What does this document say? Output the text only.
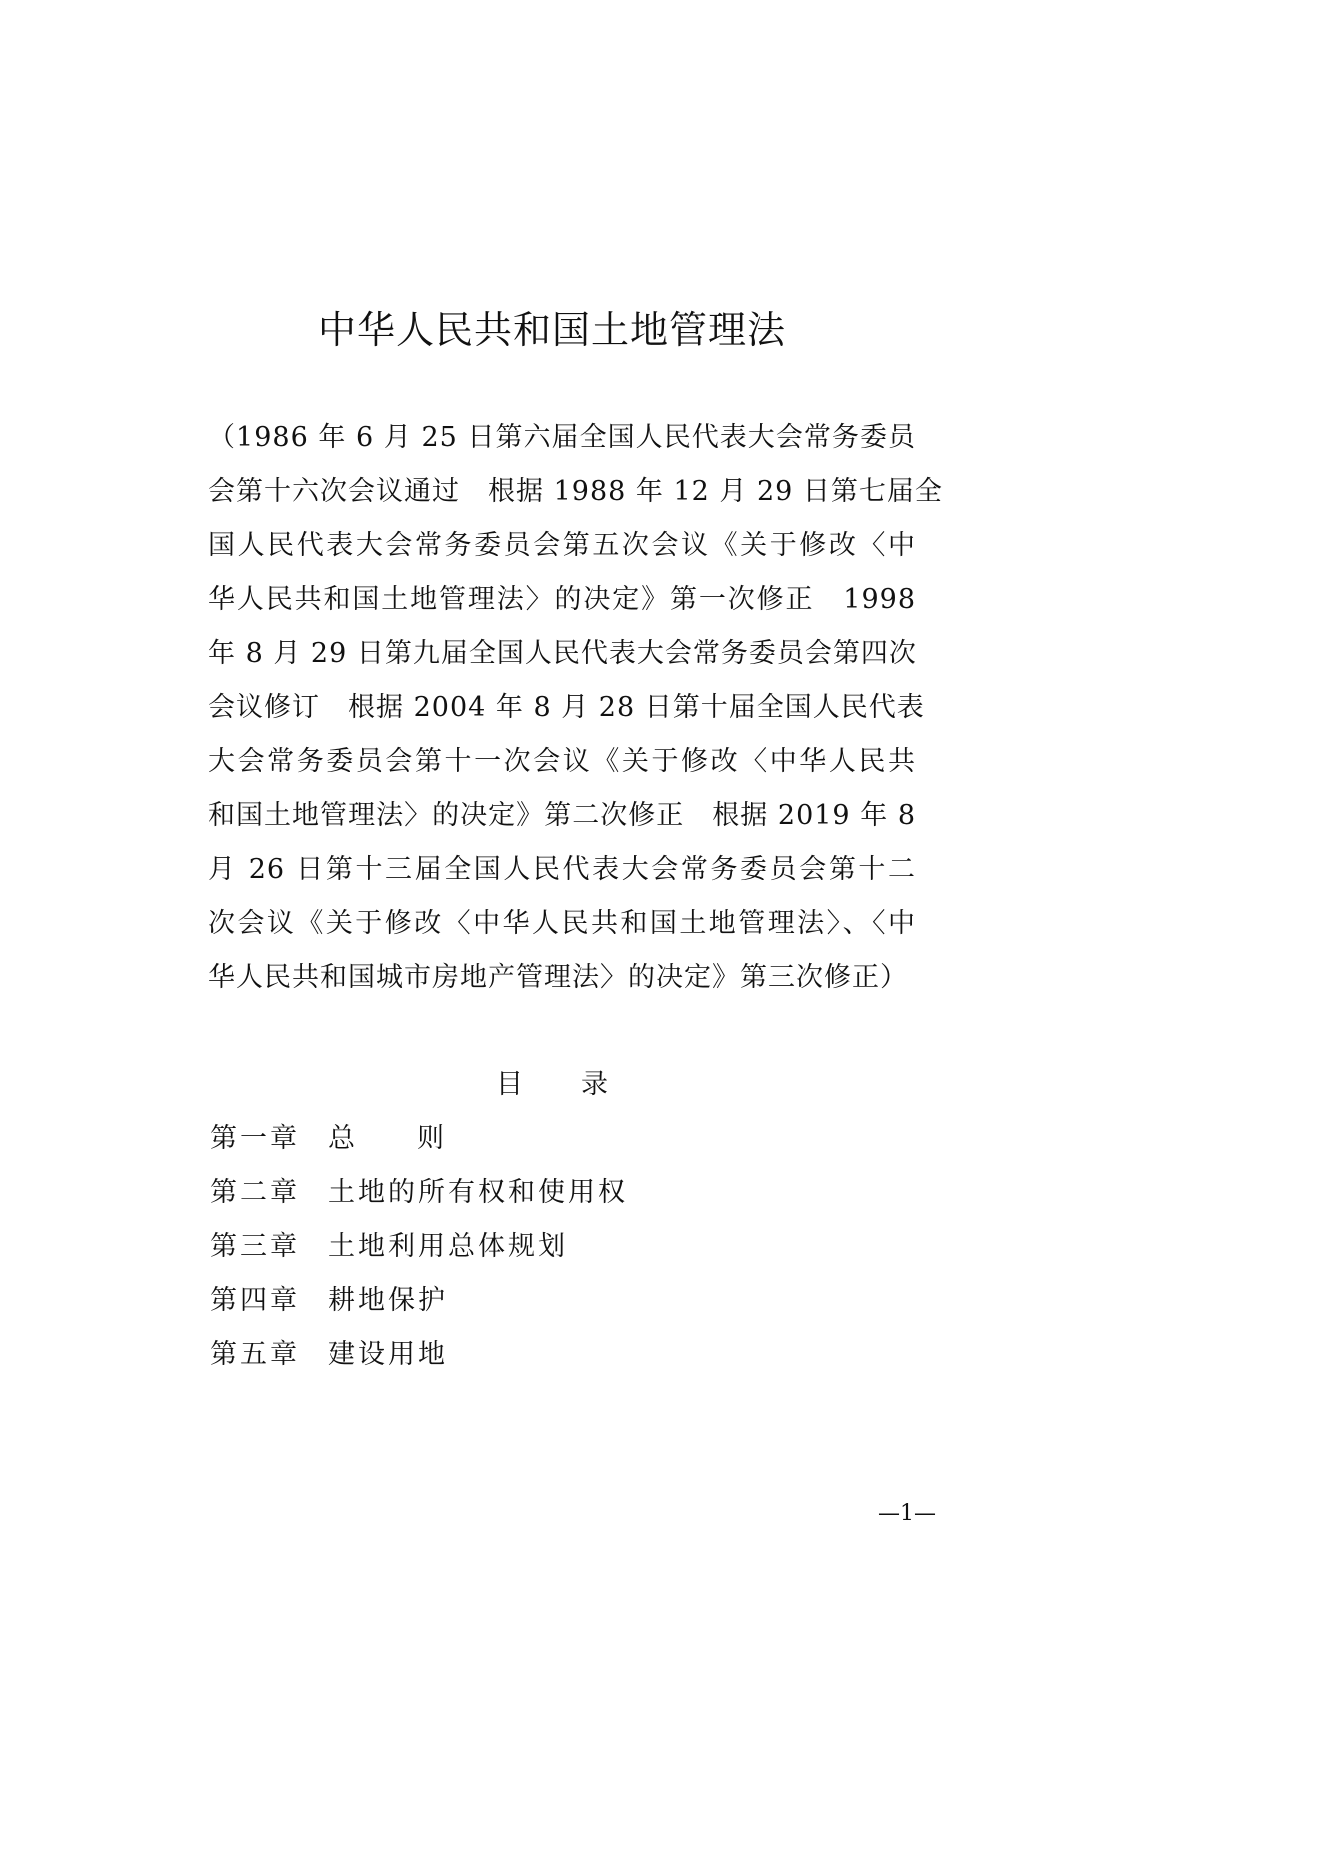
中华人民共和国土地管理法
（1986 年 6 月 25 日第六届全国人民代表大会常务委员
会第十六次会议通过　根据 1988 年 12 月 29 日第七届全
国人民代表大会常务委员会第五次会议《关于修改〈中
华人民共和国土地管理法〉的决定》第一次修正　1998
年 8 月 29 日第九届全国人民代表大会常务委员会第四次
会议修订　根据 2004 年 8 月 28 日第十届全国人民代表
大会常务委员会第十一次会议《关于修改〈中华人民共
和国土地管理法〉的决定》第二次修正　根据 2019 年 8
月 26 日第十三届全国人民代表大会常务委员会第十二
次会议《关于修改〈中华人民共和国土地管理法〉、〈中
华人民共和国城市房地产管理法〉的决定》第三次修正）
目 录
第一章	总 则
第二章	土地的所有权和使用权
第三章	土地利用总体规划
第四章	耕地保护
第五章	建设用地
—1—
